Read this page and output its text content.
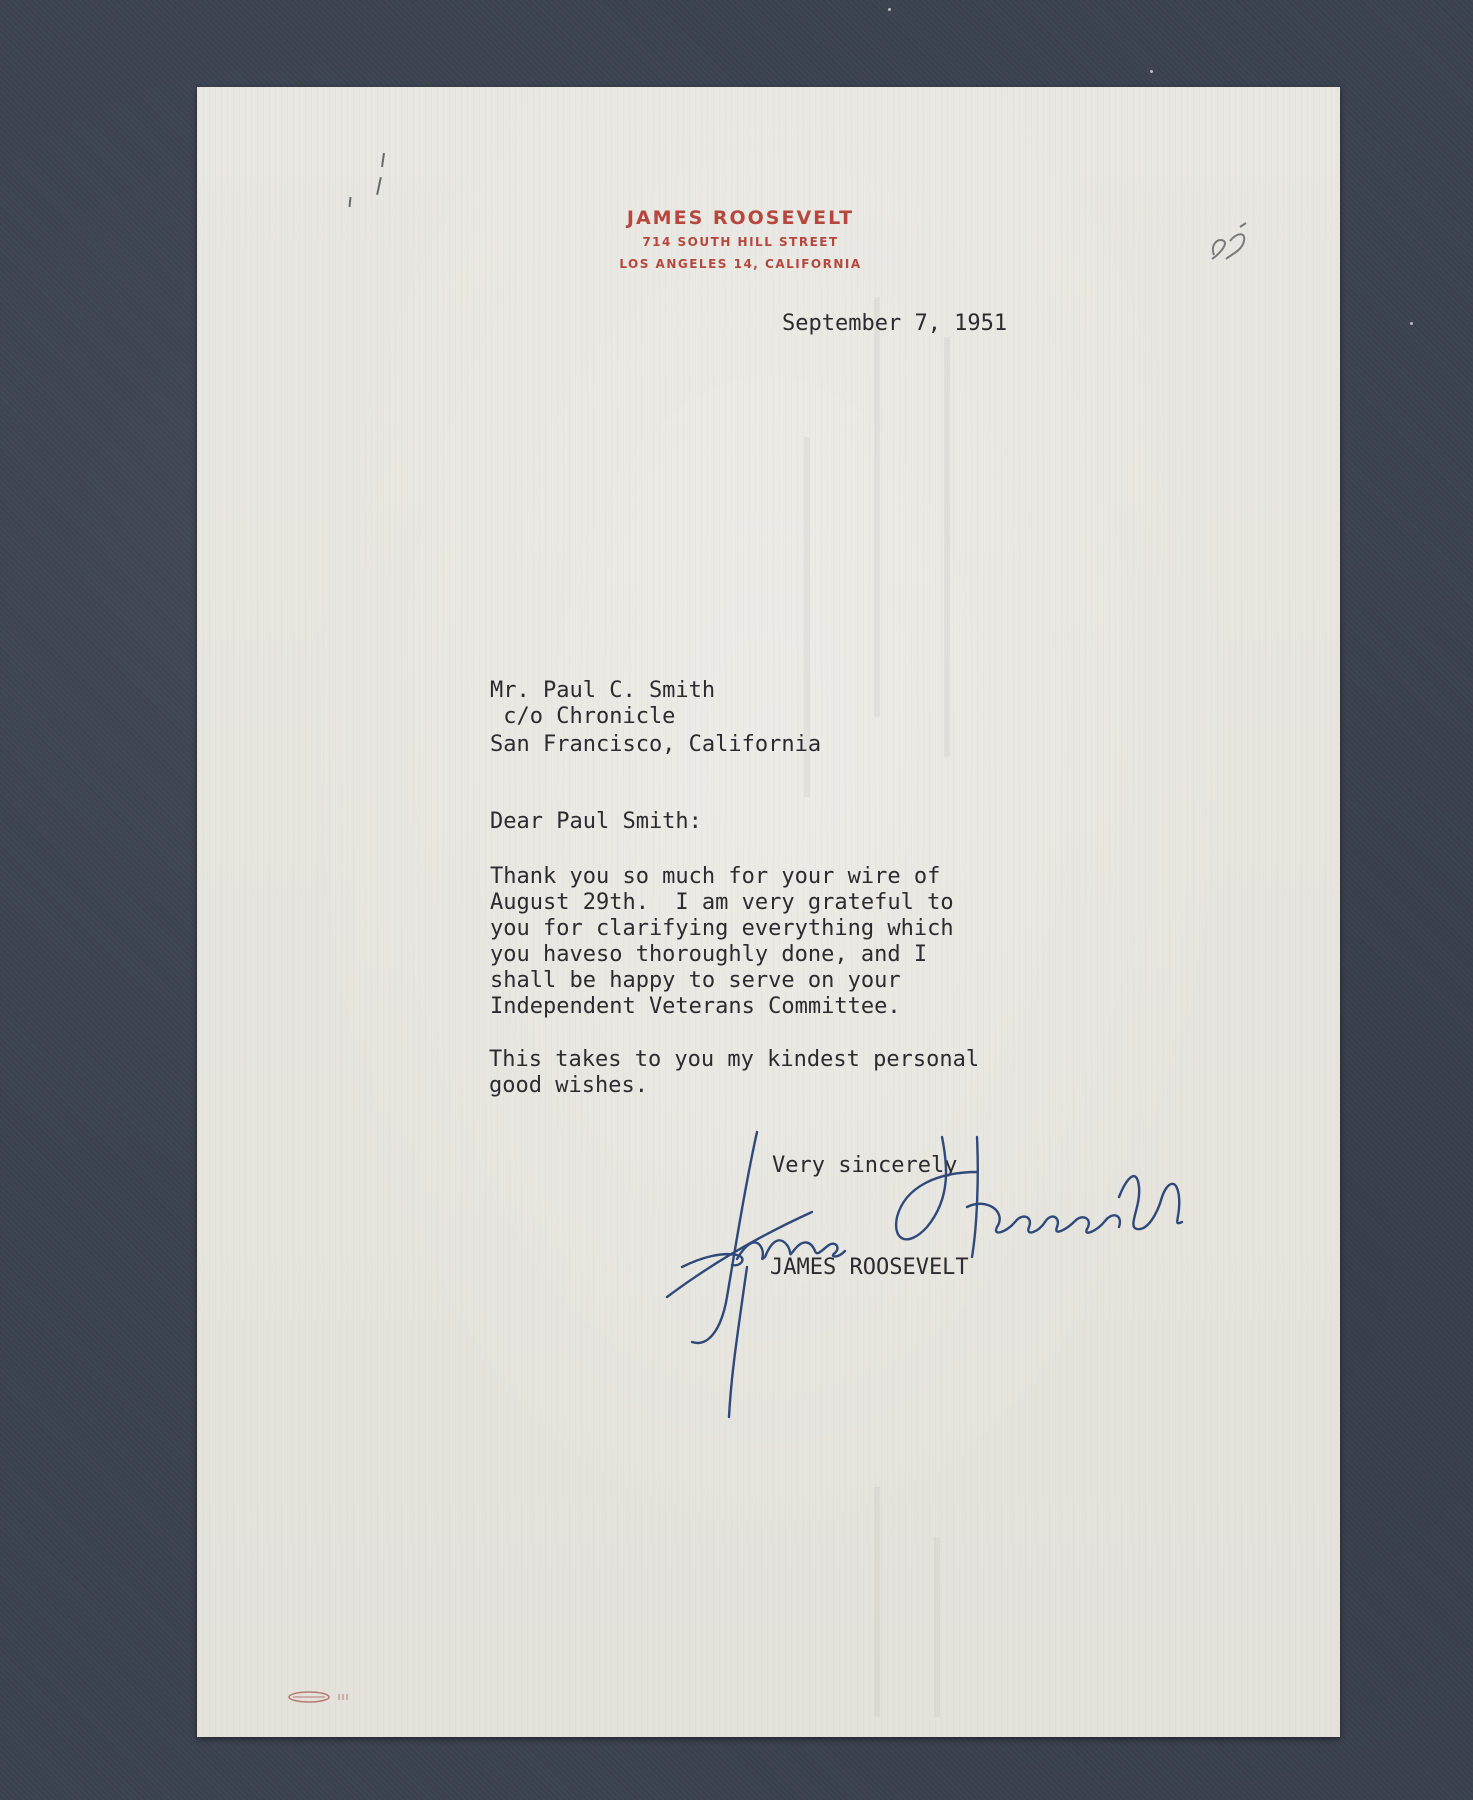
JAMES ROOSEVELT
714 SOUTH HILL STREET
LOS ANGELES 14, CALIFORNIA
September 7, 1951
Mr. Paul C. Smith
c/o Chronicle
San Francisco, California
Dear Paul Smith:
Thank you so much for your wire of
August 29th.  I am very grateful to
you for clarifying everything which
you haveso thoroughly done, and I
shall be happy to serve on your
Independent Veterans Committee.
This takes to you my kindest personal
good wishes.
Very sincerely
JAMES ROOSEVELT
